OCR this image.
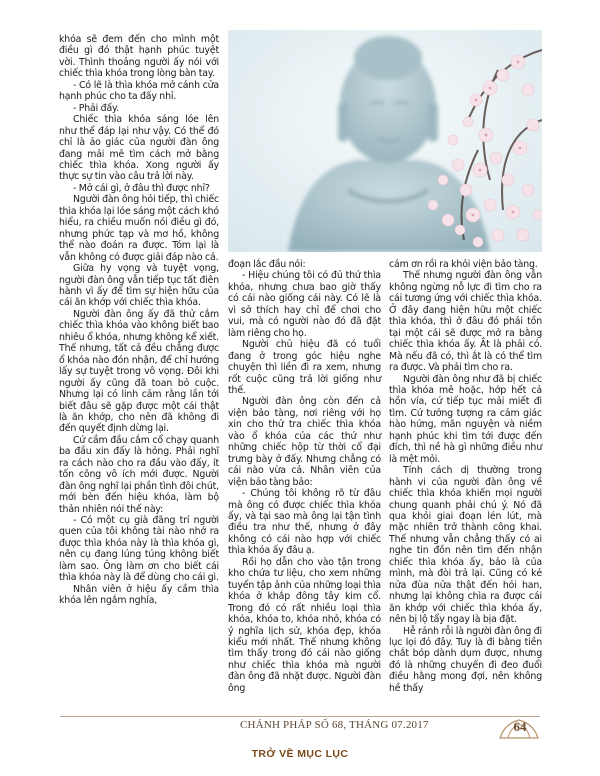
khóa sẽ đem đến cho mình một điều gì đó thật hạnh phúc tuyệt vời. Thình thoảng người ấy nói với chiếc thìa khóa trong lòng bàn tay.

- Có lẽ là thìa khóa mở cánh cửa hạnh phúc cho ta đấy nhỉ.

- Phải đấy.

Chiếc thìa khóa sáng lóe lên như thể đáp lại như vậy. Có thể đó chỉ là ảo giác của người đàn ông đang mải mê tìm cách mở bằng chiếc thìa khóa. Xong người ấy thực sự tin vào câu trả lời này.

- Mở cái gì, ở đâu thì được nhỉ?

Người đàn ông hỏi tiếp, thì chiếc thìa khóa lại lóe sáng một cách khó hiểu, ra chiều muốn nói điều gì đó, nhưng phức tạp và mơ hồ, không thể nào đoán ra được. Tóm lại là vẫn không có được giải đáp nào cả.

Giữa hy vọng và tuyệt vọng, người đàn ông vẫn tiếp tục tất điên hành vì ấy để tìm sự hiện hữu của cái ăn khớp với chiếc thìa khóa.

Người đàn ông ấy đã thử cắm chiếc thìa khóa vào không biết bao nhiêu ổ khóa, nhưng không kể xiết. Thế nhưng, tất cả đều chẳng được ổ khóa nào đón nhận, để chỉ hướng lấy sự tuyệt trong vô vọng. Đôi khi người ấy cũng đã toan bỏ cuộc. Nhưng lại có linh cảm rằng lần tới biết đâu sẽ gặp được một cái thật là ăn khớp, cho nên đã không đi đến quyết định dừng lại.

Cứ cầm đầu cắm cổ chạy quanh ba đầu xin đấy là hỏng. Phải nghĩ ra cách nào cho ra đầu vào đấy, ít tốn công vô ích mới được. Người đàn ông nghĩ lại phần tình đôi chút, mới bèn đến hiệu khóa, làm bộ thản nhiên nói thế này:

- Có một cụ già đãng trí người quen của tôi không tài nào nhớ ra được thìa khóa này là thìa khóa gì, nên cụ đang lúng túng không biết làm sao. Ông làm ơn cho biết cái thìa khóa này là để dùng cho cái gì.

Nhân viên ở hiệu ấy cầm thìa khóa lên ngắm nghía,

đoạn lắc đầu nói:

- Hiệu chúng tôi có đủ thứ thìa khóa, nhưng chưa bao giờ thấy có cái nào giống cái này. Có lẽ là vì sở thích hay chỉ để chơi cho vui, mà có người nào đó đã đặt làm riêng cho họ.

Người chủ hiệu đã có tuổi đang ở trong góc hiệu nghe chuyện thì liền đi ra xem, nhưng rốt cuộc cũng trả lời giống như thế.

Người đàn ông còn đến cả viện bảo tàng, nơi riêng với họ xin cho thử tra chiếc thìa khóa vào ổ khóa của các thứ như những chiếc hộp từ thời cổ đại trưng bày ở đấy. Nhưng chẳng có cái nào vừa cả. Nhân viên của viện bảo tàng bảo:

- Chúng tôi không rõ từ đâu mà ông có được chiếc thìa khóa ấy, và tại sao mà ông lại tận tình điều tra như thế, nhưng ở đây không có cái nào hợp với chiếc thìa khóa ấy đâu ạ.

Rồi họ dẫn cho vào tận trong kho chứa tư liệu, cho xem những tuyển tập ảnh của những loại thìa khóa ở khắp đông tây kim cổ. Trong đó có rất nhiều loại thìa khóa, khóa to, khóa nhỏ, khóa có ý nghĩa lịch sử, khóa đẹp, khóa kiểu mới nhất. Thế nhưng không tìm thấy trong đó cái nào giống như chiếc thìa khóa mà người đàn ông đã nhặt được. Người đàn ông

cám ơn rồi ra khỏi viện bảo tàng.

Thế nhưng người đàn ông vẫn không ngừng nỗ lực đi tìm cho ra cái tương ứng với chiếc thìa khóa. Ở đây đang hiện hữu một chiếc thìa khóa, thì ở đâu đó phải tồn tại một cái sẽ được mở ra bằng chiếc thìa khóa ấy. Ắt là phải có. Mà nếu đã có, thì ắt là có thể tìm ra được. Và phải tìm cho ra.

Người đàn ông như đã bị chiếc thìa khóa mê hoặc, hớp hết cả hồn vía, cứ tiếp tục mải miết đi tìm. Cứ tưởng tượng ra cảm giác hào hứng, mãn nguyện và niềm hạnh phúc khi tìm tới được đến đích, thì nề hà gì những điều như là mệt mỏi.

Tính cách dị thường trong hành vi của người đàn ông về chiếc thìa khóa khiến mọi người chung quanh phải chú ý. Nó đã qua khỏi giai đoạn lén lút, mà mặc nhiên trở thành công khai. Thế nhưng vẫn chẳng thấy có ai nghe tin đồn nên tìm đến nhận chiếc thìa khóa ấy, bảo là của mình, mà đòi trả lại. Cũng có kẻ nửa đùa nửa thật đến hỏi han, nhưng lại không chìa ra được cái ăn khớp với chiếc thìa khóa ấy, nên bị lộ tẩy ngay là bịa đặt.

Hễ rảnh rỗi là người đàn ông đi lục lọi đó đây. Tuy là đi bằng tiền chắt bóp dành dụm được, nhưng đó là những chuyến đi đeo đuổi điều hằng mong đợi, nên không hề thấy

CHÁNH PHÁP SỐ 68, THÁNG 07.2017	64
TRỞ VỀ MỤC LỤC
